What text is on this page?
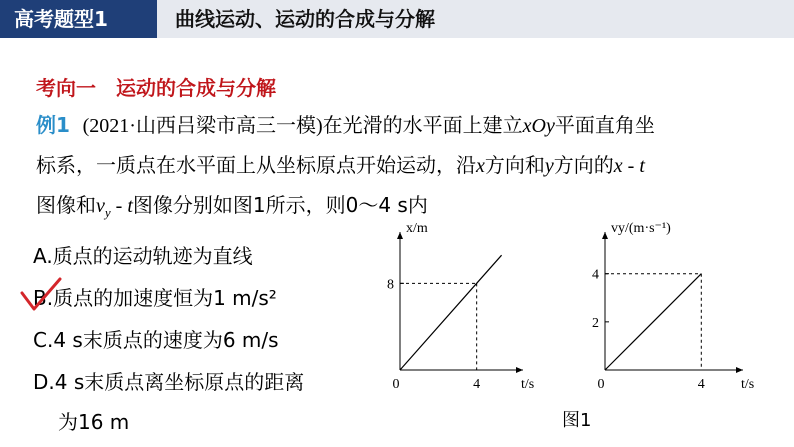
高考题型1	曲线运动、运动的合成与分解
考向一　运动的合成与分解
例1 (2021·山西吕梁市高三一模)在光滑的水平面上建立xOy平面直角坐
标系，一质点在水平面上从坐标原点开始运动，沿x方向和y方向的x - t
图像和$v_y$ - t图像分别如图1所示，则0～4 s内
A.质点的运动轨迹为直线
B.质点的加速度恒为1 m/s²
C.4 s末质点的速度为6 m/s
D.4 s末质点离坐标原点的距离
为16 m
x/m
t/s
0	4
8
vy/(m·s⁻¹)
t/s
0	4
2
4
图1
